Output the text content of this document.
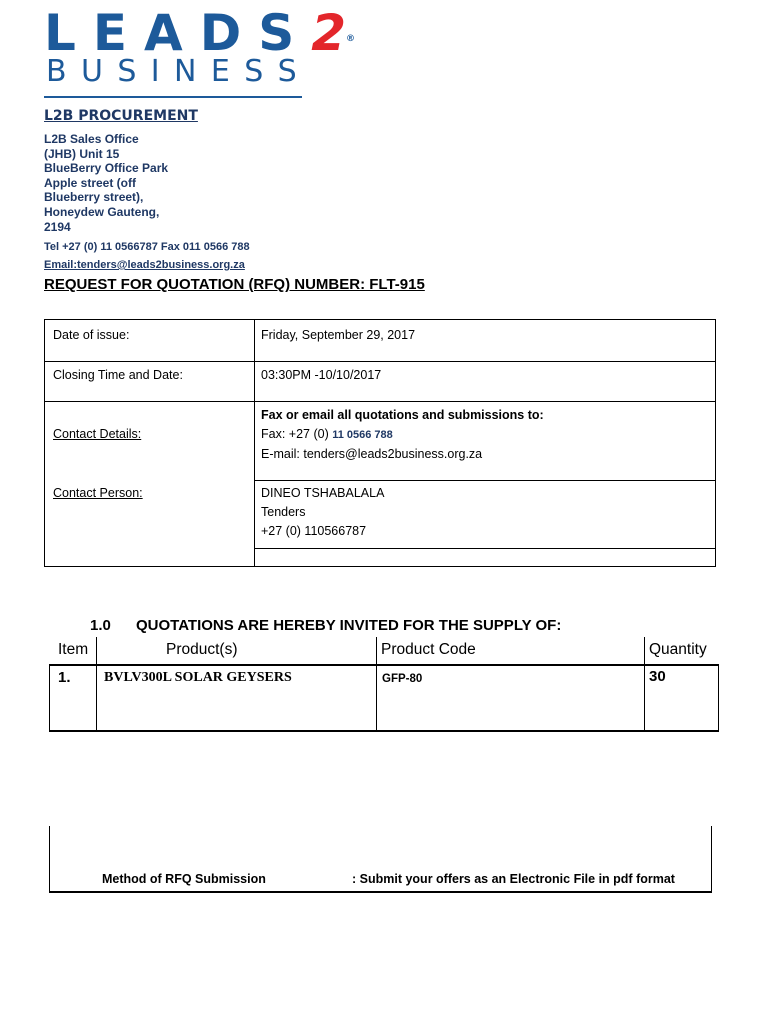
LEADS2®
BUSINESS
L2B PROCUREMENT
L2B Sales Office
(JHB) Unit 15
BlueBerry Office Park
Apple street (off
Blueberry street),
Honeydew Gauteng,
2194
Tel +27 (0) 11 0566787 Fax 011 0566 788
Email:tenders@leads2business.org.za
REQUEST FOR QUOTATION (RFQ) NUMBER: FLT-915
Date of issue:	Friday, September 29, 2017
Closing Time and Date:	03:30PM -10/10/2017
Contact Details:
Fax or email all quotations and submissions to:
Fax: +27 (0) 11 0566 788
E-mail: tenders@leads2business.org.za
Contact Person:	DINEO TSHABALALA
Tenders
+27 (0) 110566787
1.0 QUOTATIONS ARE HEREBY INVITED FOR THE SUPPLY OF:
Item	Product(s)	Product Code	Quantity
1. BVLV300L SOLAR GEYSERS	GFP-80	30
Method of RFQ Submission	: Submit your offers as an Electronic File in pdf format
